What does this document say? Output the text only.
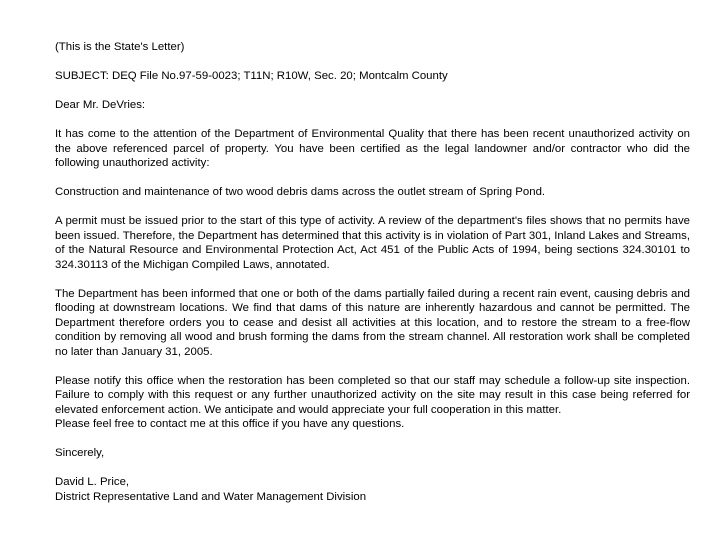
(This is the State's Letter)
SUBJECT: DEQ File No.97-59-0023; T11N; R10W, Sec. 20; Montcalm County
Dear Mr. DeVries:
It has come to the attention of the Department of Environmental Quality that there has been recent unauthorized activity on the above referenced parcel of property. You have been certified as the legal landowner and/or contractor who did the following unauthorized activity:
Construction and maintenance of two wood debris dams across the outlet stream of Spring Pond.
A permit must be issued prior to the start of this type of activity. A review of the department's files shows that no permits have been issued. Therefore, the Department has determined that this activity is in violation of Part 301, Inland Lakes and Streams, of the Natural Resource and Environmental Protection Act, Act 451 of the Public Acts of 1994, being sections 324.30101 to 324.30113 of the Michigan Compiled Laws, annotated.
The Department has been informed that one or both of the dams partially failed during a recent rain event, causing debris and flooding at downstream locations. We find that dams of this nature are inherently hazardous and cannot be permitted. The Department therefore orders you to cease and desist all activities at this location, and to restore the stream to a free-flow condition by removing all wood and brush forming the dams from the stream channel. All restoration work shall be completed no later than January 31, 2005.
Please notify this office when the restoration has been completed so that our staff may schedule a follow-up site inspection. Failure to comply with this request or any further unauthorized activity on the site may result in this case being referred for elevated enforcement action. We anticipate and would appreciate your full cooperation in this matter.
Please feel free to contact me at this office if you have any questions.
Sincerely,
David L. Price,
District Representative Land and Water Management Division
